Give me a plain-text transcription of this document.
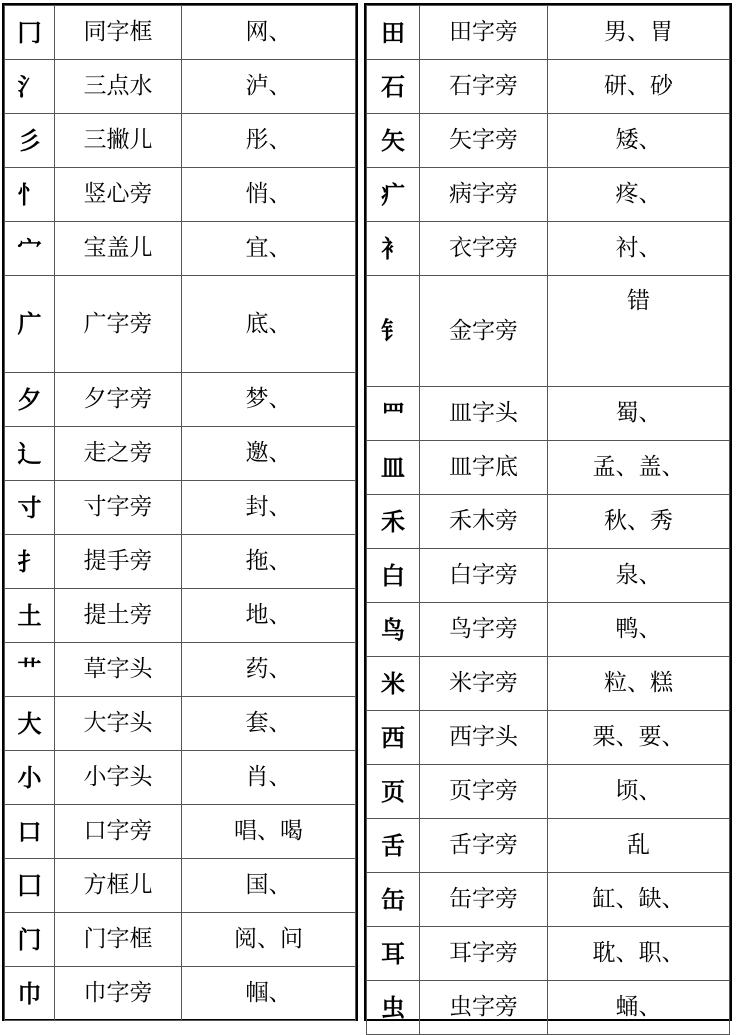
冂	同字框	网、
氵	三点水	泸、
彡	三撇儿	彤、
忄	竖心旁	悄、
宀	宝盖儿	宜、
广	广字旁	底、
夕	夕字旁	梦、
辶	走之旁	邀、
寸	寸字旁	封、
扌	提手旁	拖、
土	提土旁	地、
艹	草字头	药、
大	大字头	套、
小	小字头	肖、
口	口字旁	唱、喝
囗	方框儿	国、
门	门字框	阅、问
巾	巾字旁	帼、
田	田字旁	男、胃
石	石字旁	研、砂
矢	矢字旁	矮、
疒	病字旁	疼、
衤	衣字旁	衬、
钅	金字旁	错
罒	皿字头	蜀、
皿	皿字底	孟、盖、
禾	禾木旁	秋、秀
白	白字旁	泉、
鸟	鸟字旁	鸭、
米	米字旁	粒、糕
西	西字头	栗、要、
页	页字旁	顷、
舌	舌字旁	乱
缶	缶字旁	缸、缺、
耳	耳字旁	耽、职、
虫	虫字旁	蛹、
